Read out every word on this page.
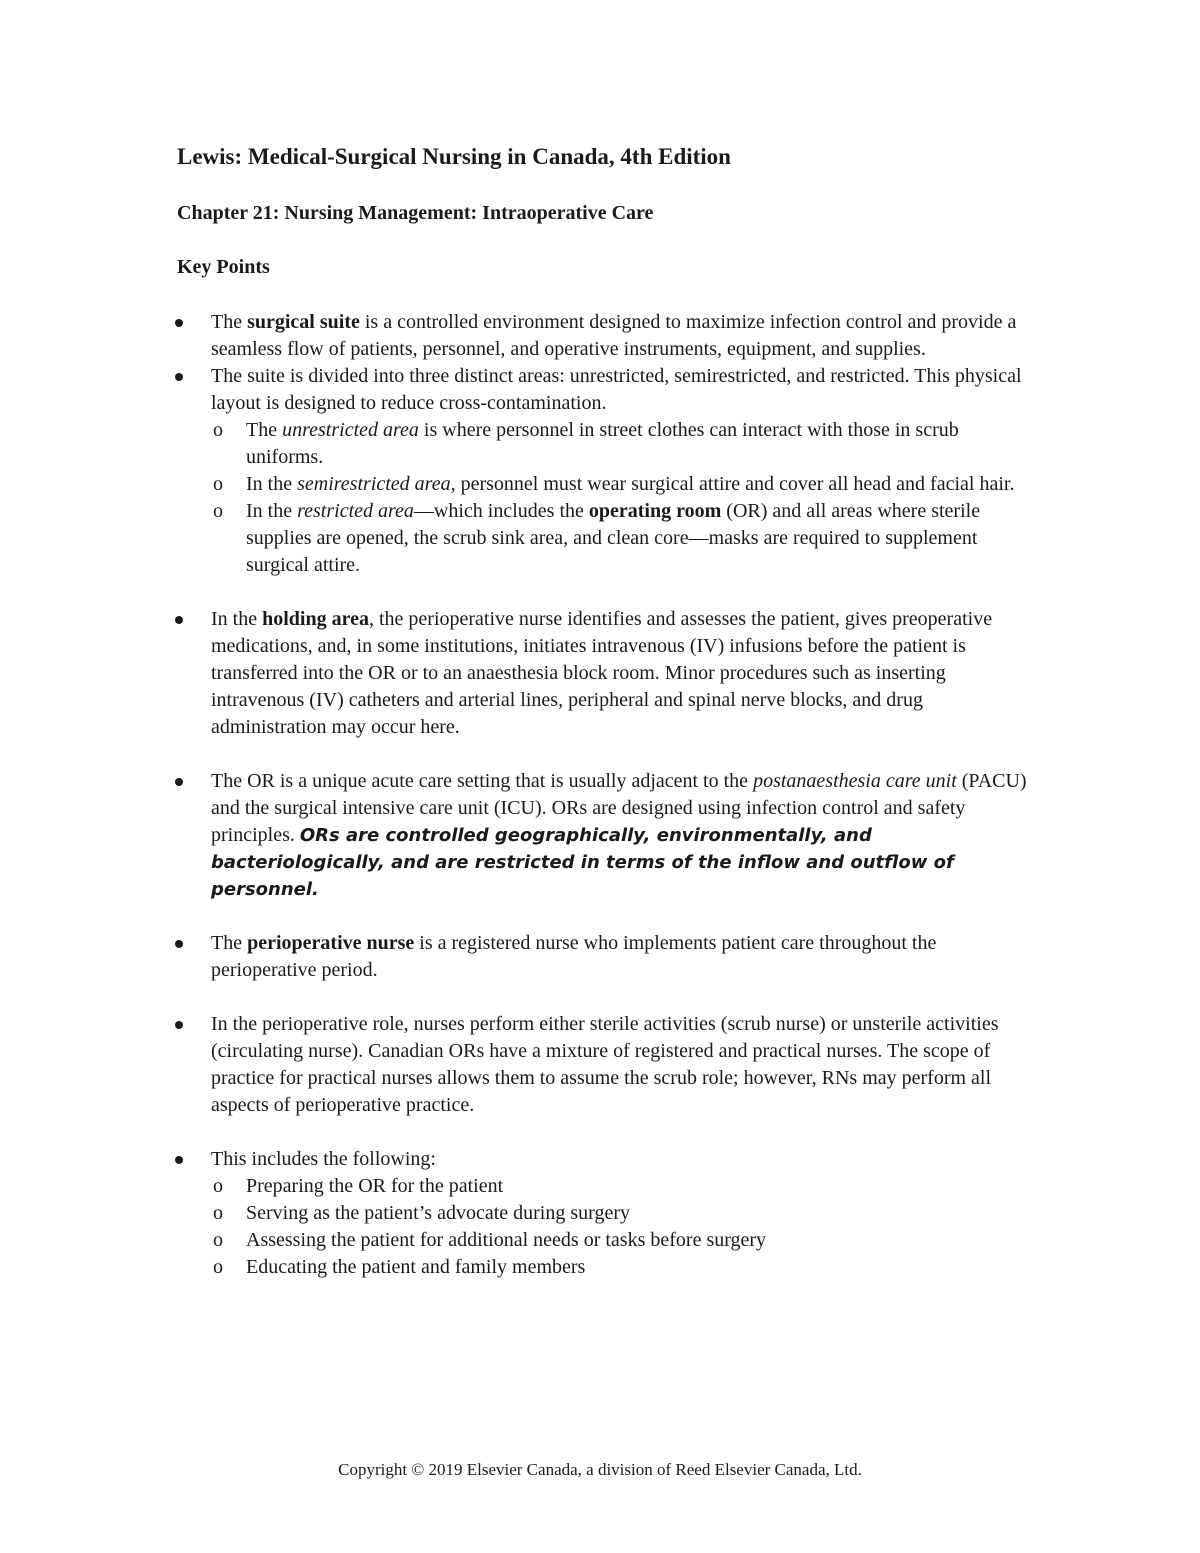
Lewis: Medical-Surgical Nursing in Canada, 4th Edition
Chapter 21: Nursing Management: Intraoperative Care
Key Points
The surgical suite is a controlled environment designed to maximize infection control and provide a seamless flow of patients, personnel, and operative instruments, equipment, and supplies.
The suite is divided into three distinct areas: unrestricted, semirestricted, and restricted. This physical layout is designed to reduce cross-contamination.
o The unrestricted area is where personnel in street clothes can interact with those in scrub uniforms.
o In the semirestricted area, personnel must wear surgical attire and cover all head and facial hair.
o In the restricted area—which includes the operating room (OR) and all areas where sterile supplies are opened, the scrub sink area, and clean core—masks are required to supplement surgical attire.
In the holding area, the perioperative nurse identifies and assesses the patient, gives preoperative medications, and, in some institutions, initiates intravenous (IV) infusions before the patient is transferred into the OR or to an anaesthesia block room. Minor procedures such as inserting intravenous (IV) catheters and arterial lines, peripheral and spinal nerve blocks, and drug administration may occur here.
The OR is a unique acute care setting that is usually adjacent to the postanaesthesia care unit (PACU) and the surgical intensive care unit (ICU). ORs are designed using infection control and safety principles. ORs are controlled geographically, environmentally, and bacteriologically, and are restricted in terms of the inflow and outflow of personnel.
The perioperative nurse is a registered nurse who implements patient care throughout the perioperative period.
In the perioperative role, nurses perform either sterile activities (scrub nurse) or unsterile activities (circulating nurse). Canadian ORs have a mixture of registered and practical nurses. The scope of practice for practical nurses allows them to assume the scrub role; however, RNs may perform all aspects of perioperative practice.
This includes the following:
o Preparing the OR for the patient
o Serving as the patient’s advocate during surgery
o Assessing the patient for additional needs or tasks before surgery
o Educating the patient and family members

Copyright © 2019 Elsevier Canada, a division of Reed Elsevier Canada, Ltd.
